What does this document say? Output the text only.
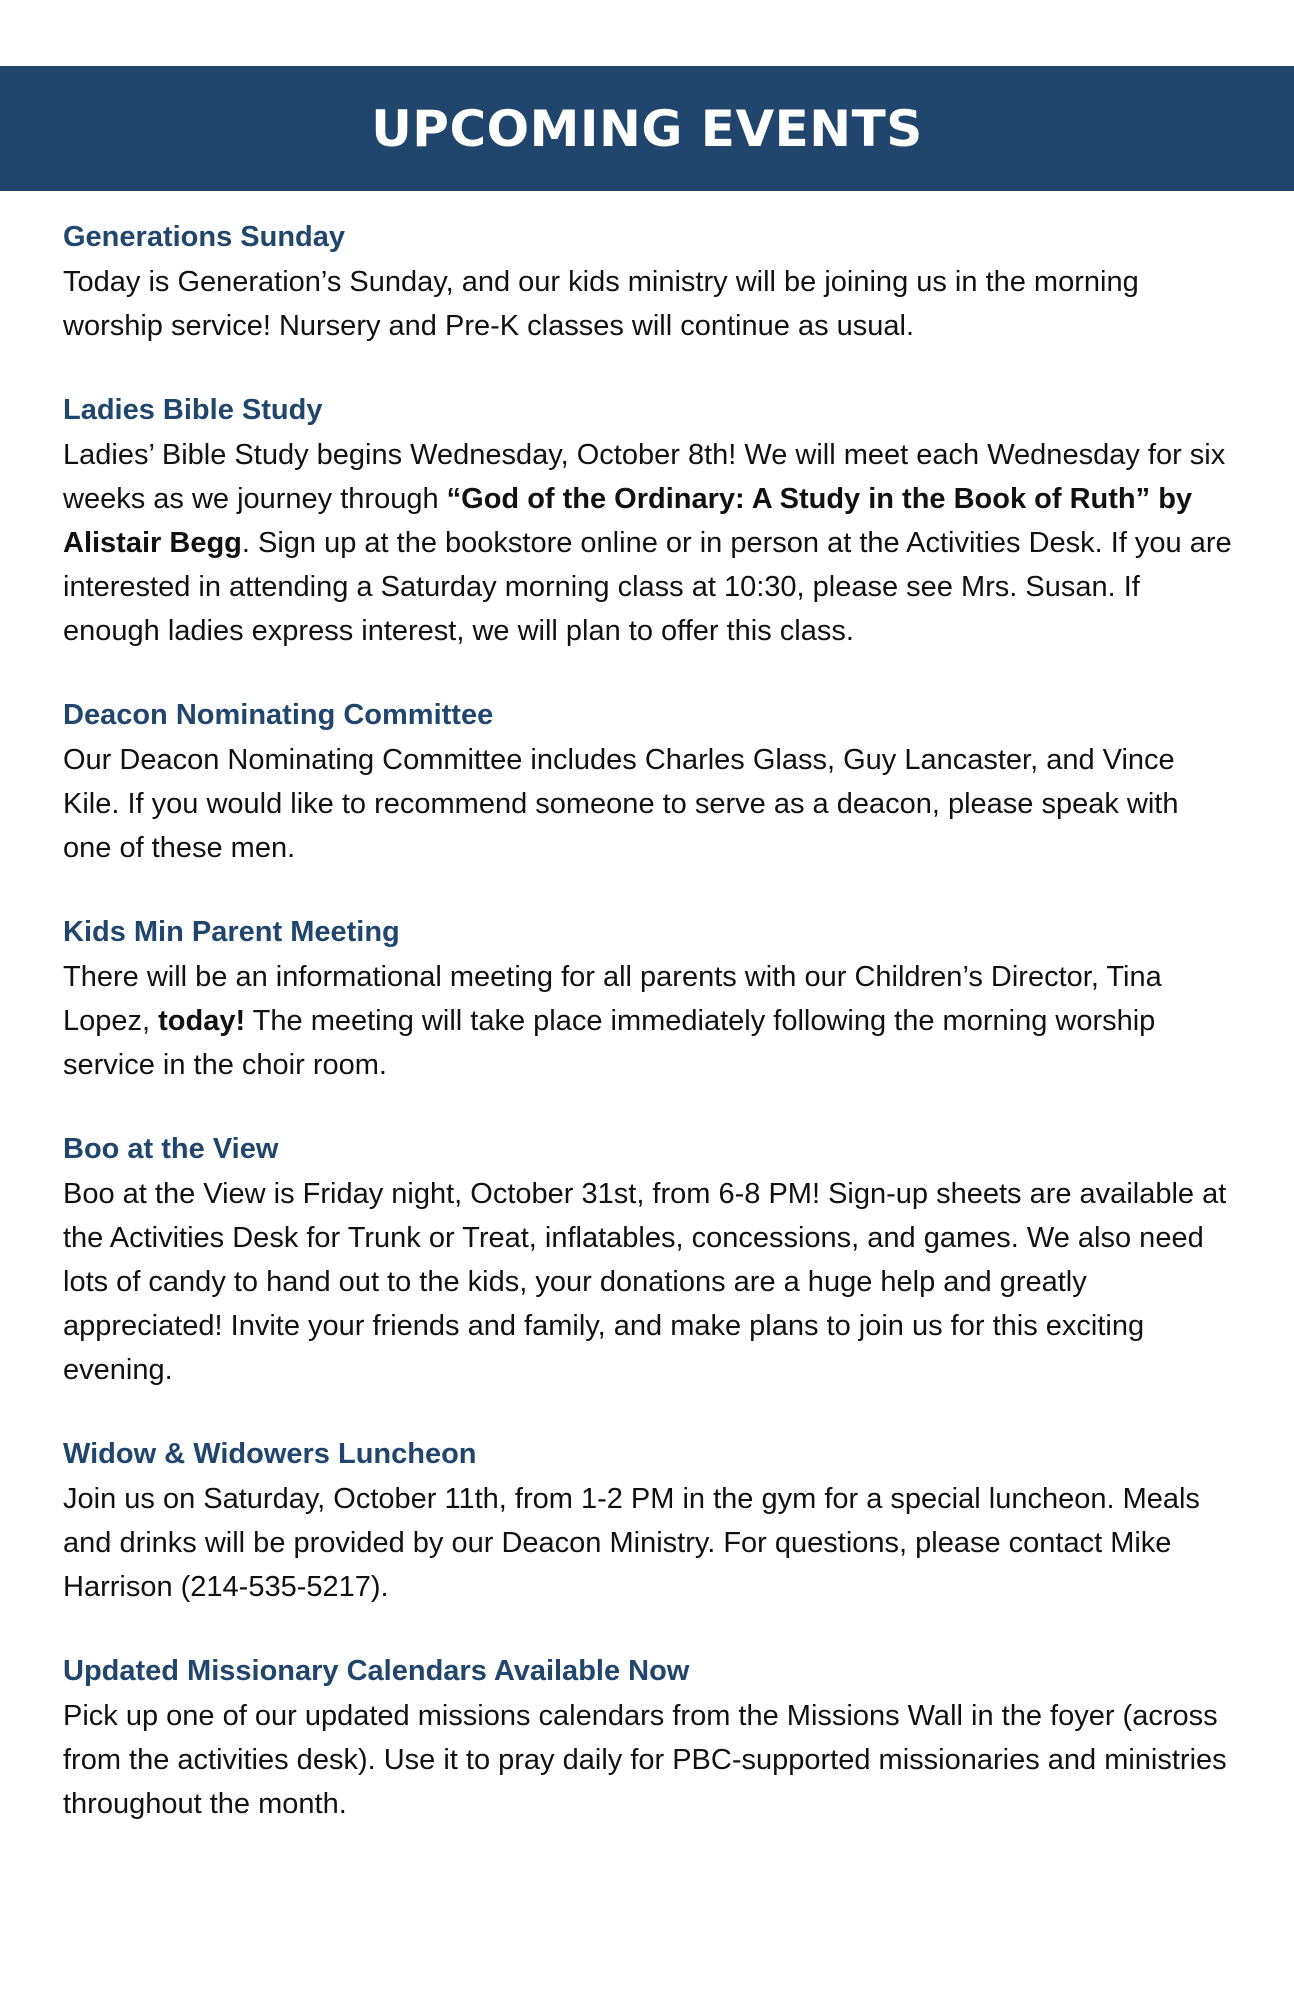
UPCOMING EVENTS
Generations Sunday

Today is Generation’s Sunday, and our kids ministry will be joining us in the morning worship service! Nursery and Pre-K classes will continue as usual.

Ladies Bible Study

Ladies’ Bible Study begins Wednesday, October 8th! We will meet each Wednesday for six weeks as we journey through “God of the Ordinary: A Study in the Book of Ruth” by Alistair Begg. Sign up at the bookstore online or in person at the Activities Desk. If you are interested in attending a Saturday morning class at 10:30, please see Mrs. Susan. If enough ladies express interest, we will plan to offer this class.

Deacon Nominating Committee

Our Deacon Nominating Committee includes Charles Glass, Guy Lancaster, and Vince Kile. If you would like to recommend someone to serve as a deacon, please speak with one of these men.

Kids Min Parent Meeting

There will be an informational meeting for all parents with our Children’s Director, Tina Lopez, today! The meeting will take place immediately following the morning worship service in the choir room.

Boo at the View

Boo at the View is Friday night, October 31st, from 6-8 PM! Sign-up sheets are available at the Activities Desk for Trunk or Treat, inflatables, concessions, and games. We also need lots of candy to hand out to the kids, your donations are a huge help and greatly appreciated! Invite your friends and family, and make plans to join us for this exciting evening.

Widow & Widowers Luncheon

Join us on Saturday, October 11th, from 1-2 PM in the gym for a special luncheon. Meals and drinks will be provided by our Deacon Ministry. For questions, please contact Mike Harrison (214-535-5217).

Updated Missionary Calendars Available Now

Pick up one of our updated missions calendars from the Missions Wall in the foyer (across from the activities desk). Use it to pray daily for PBC-supported missionaries and ministries throughout the month.
